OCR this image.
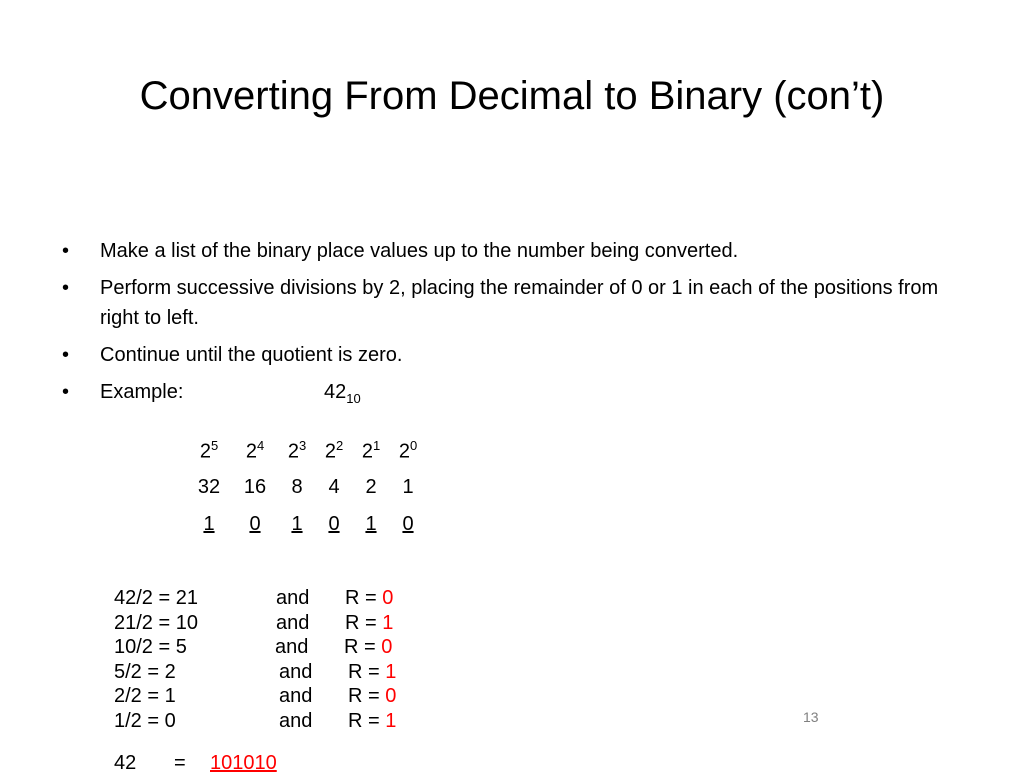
Converting From Decimal to Binary (con’t)
• Make a list of the binary place values up to the number being converted.
• Perform successive divisions by 2, placing the remainder of 0 or 1 in each of the positions from right to left.
• Continue until the quotient is zero.
• Example:	$42_{10}$
$2^5$	$2^4$	$2^3$	$2^2$	$2^1$	$2^0$
32	16	8	4	2	1
1	0	1	0	1	0
42/2 = 21	and R = 0
21/2 = 10	and R = 1
10/2 = 5	and R = 0
5/2 = 2	and R = 1
2/2 = 1	and R = 0
1/2 = 0	and R = 1
42 = 101010
13
